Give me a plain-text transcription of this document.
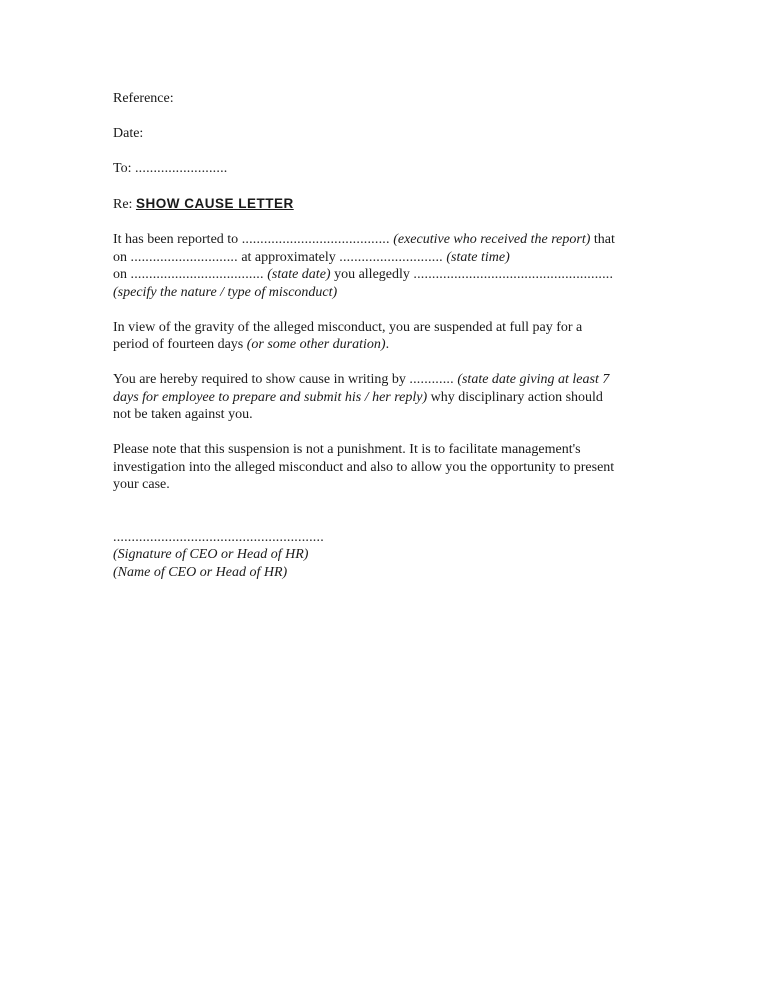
Reference:
Date:
To: .........................
Re: SHOW CAUSE LETTER
It has been reported to ........................................ (executive who received the report) that
on ............................. at approximately ............................ (state time)
on .................................... (state date) you allegedly ......................................................
(specify the nature / type of misconduct)
In view of the gravity of the alleged misconduct, you are suspended at full pay for a
period of fourteen days (or some other duration).
You are hereby required to show cause in writing by ............ (state date giving at least 7
days for employee to prepare and submit his / her reply) why disciplinary action should
not be taken against you.
Please note that this suspension is not a punishment. It is to facilitate management's
investigation into the alleged misconduct and also to allow you the opportunity to present
your case.
.........................................................
(Signature of CEO or Head of HR)
(Name of CEO or Head of HR)
